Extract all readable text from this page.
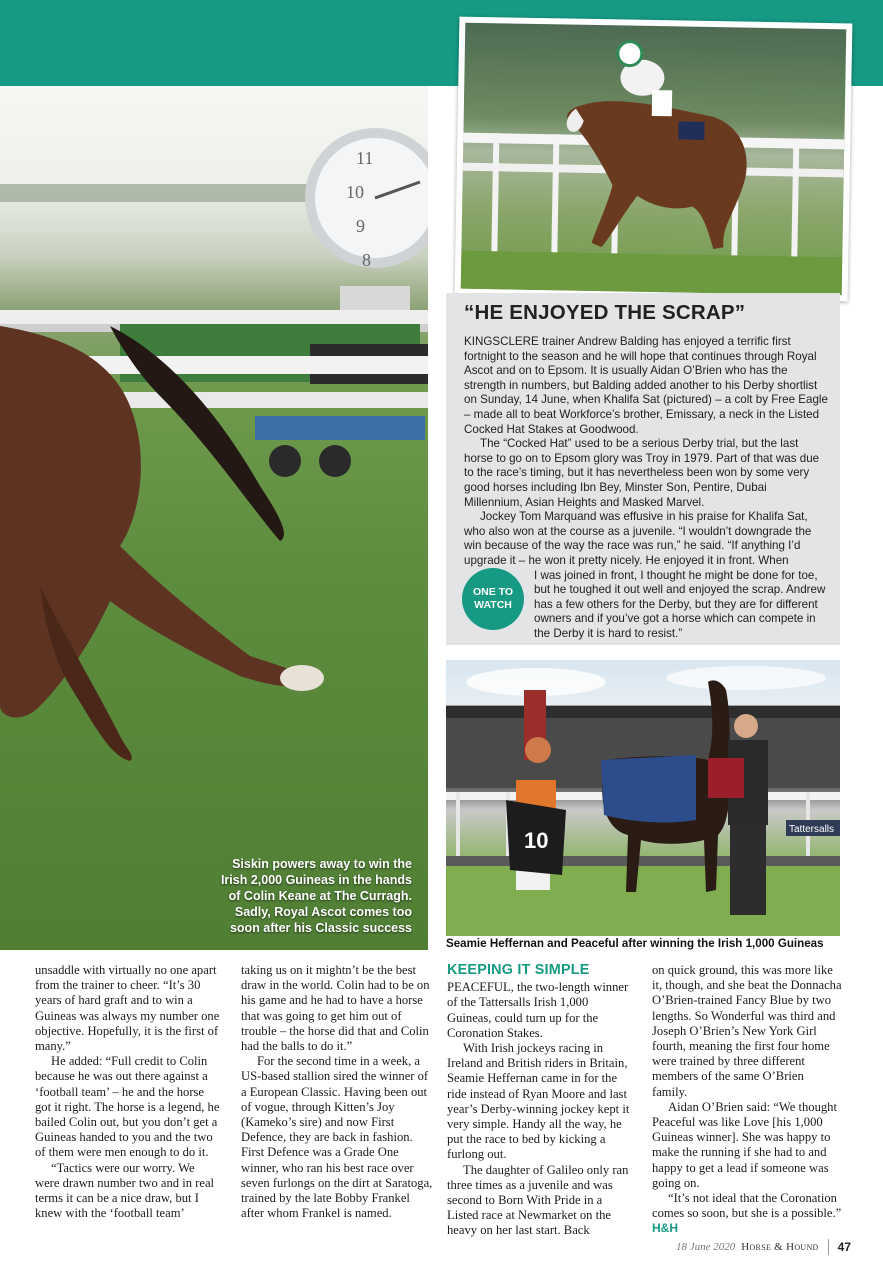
11
10
9
8
Siskin powers away to win the Irish 2,000 Guineas in the hands of Colin Keane at The Curragh. Sadly, Royal Ascot comes too soon after his Classic success
“HE ENJOYED THE SCRAP”

KINGSCLERE trainer Andrew Balding has enjoyed a terrific first fortnight to the season and he will hope that continues through Royal Ascot and on to Epsom. It is usually Aidan O’Brien who has the strength in numbers, but Balding added another to his Derby shortlist on Sunday, 14 June, when Khalifa Sat (pictured) – a colt by Free Eagle – made all to beat Workforce’s brother, Emissary, a neck in the Listed Cocked Hat Stakes at Goodwood.

The “Cocked Hat” used to be a serious Derby trial, but the last horse to go on to Epsom glory was Troy in 1979. Part of that was due to the race’s timing, but it has nevertheless been won by some very good horses including Ibn Bey, Minster Son, Pentire, Dubai Millennium, Asian Heights and Masked Marvel.

Jockey Tom Marquand was effusive in his praise for Khalifa Sat, who also won at the course as a juvenile. “I wouldn’t downgrade the win because of the way the race was run,” he said. “If anything I’d upgrade it – he won it pretty nicely. He enjoyed it in front. When

I was joined in front, I thought he might be done for toe, but he toughed it out well and enjoyed the scrap. Andrew has a few others for the Derby, but they are for different owners and if you’ve got a horse which can compete in the Derby it is hard to resist.”

ONE TO
WATCH
Tattersalls
10
Seamie Heffernan and Peaceful after winning the Irish 1,000 Guineas

unsaddle with virtually no one apart from the trainer to cheer. “It’s 30 years of hard graft and to win a Guineas was always my number one objective. Hopefully, it is the first of many.”

He added: “Full credit to Colin because he was out there against a ‘football team’ – he and the horse got it right. The horse is a legend, he bailed Colin out, but you don’t get a Guineas handed to you and the two of them were men enough to do it.

“Tactics were our worry. We were drawn number two and in real terms it can be a nice draw, but I knew with the ‘football team’

taking us on it mightn’t be the best draw in the world. Colin had to be on his game and he had to have a horse that was going to get him out of trouble – the horse did that and Colin had the balls to do it.”

For the second time in a week, a US-based stallion sired the winner of a European Classic. Having been out of vogue, through Kitten’s Joy (Kameko’s sire) and now First Defence, they are back in fashion. First Defence was a Grade One winner, who ran his best race over seven furlongs on the dirt at Saratoga, trained by the late Bobby Frankel after whom Frankel is named.

KEEPING IT SIMPLE

PEACEFUL, the two-length winner of the Tattersalls Irish 1,000 Guineas, could turn up for the Coronation Stakes.

With Irish jockeys racing in Ireland and British riders in Britain, Seamie Heffernan came in for the ride instead of Ryan Moore and last year’s Derby-winning jockey kept it very simple. Handy all the way, he put the race to bed by kicking a furlong out.

The daughter of Galileo only ran three times as a juvenile and was second to Born With Pride in a Listed race at Newmarket on the heavy on her last start. Back

on quick ground, this was more like it, though, and she beat the Donnacha O’Brien-trained Fancy Blue by two lengths. So Wonderful was third and Joseph O’Brien’s New York Girl fourth, meaning the first four home were trained by three different members of the same O’Brien family.

Aidan O’Brien said: “We thought Peaceful was like Love [his 1,000 Guineas winner]. She was happy to make the running if she had to and happy to get a lead if someone was going on.

“It’s not ideal that the Coronation comes so soon, but she is a possible.” H&H

18 June 2020 Horse & Hound 47
